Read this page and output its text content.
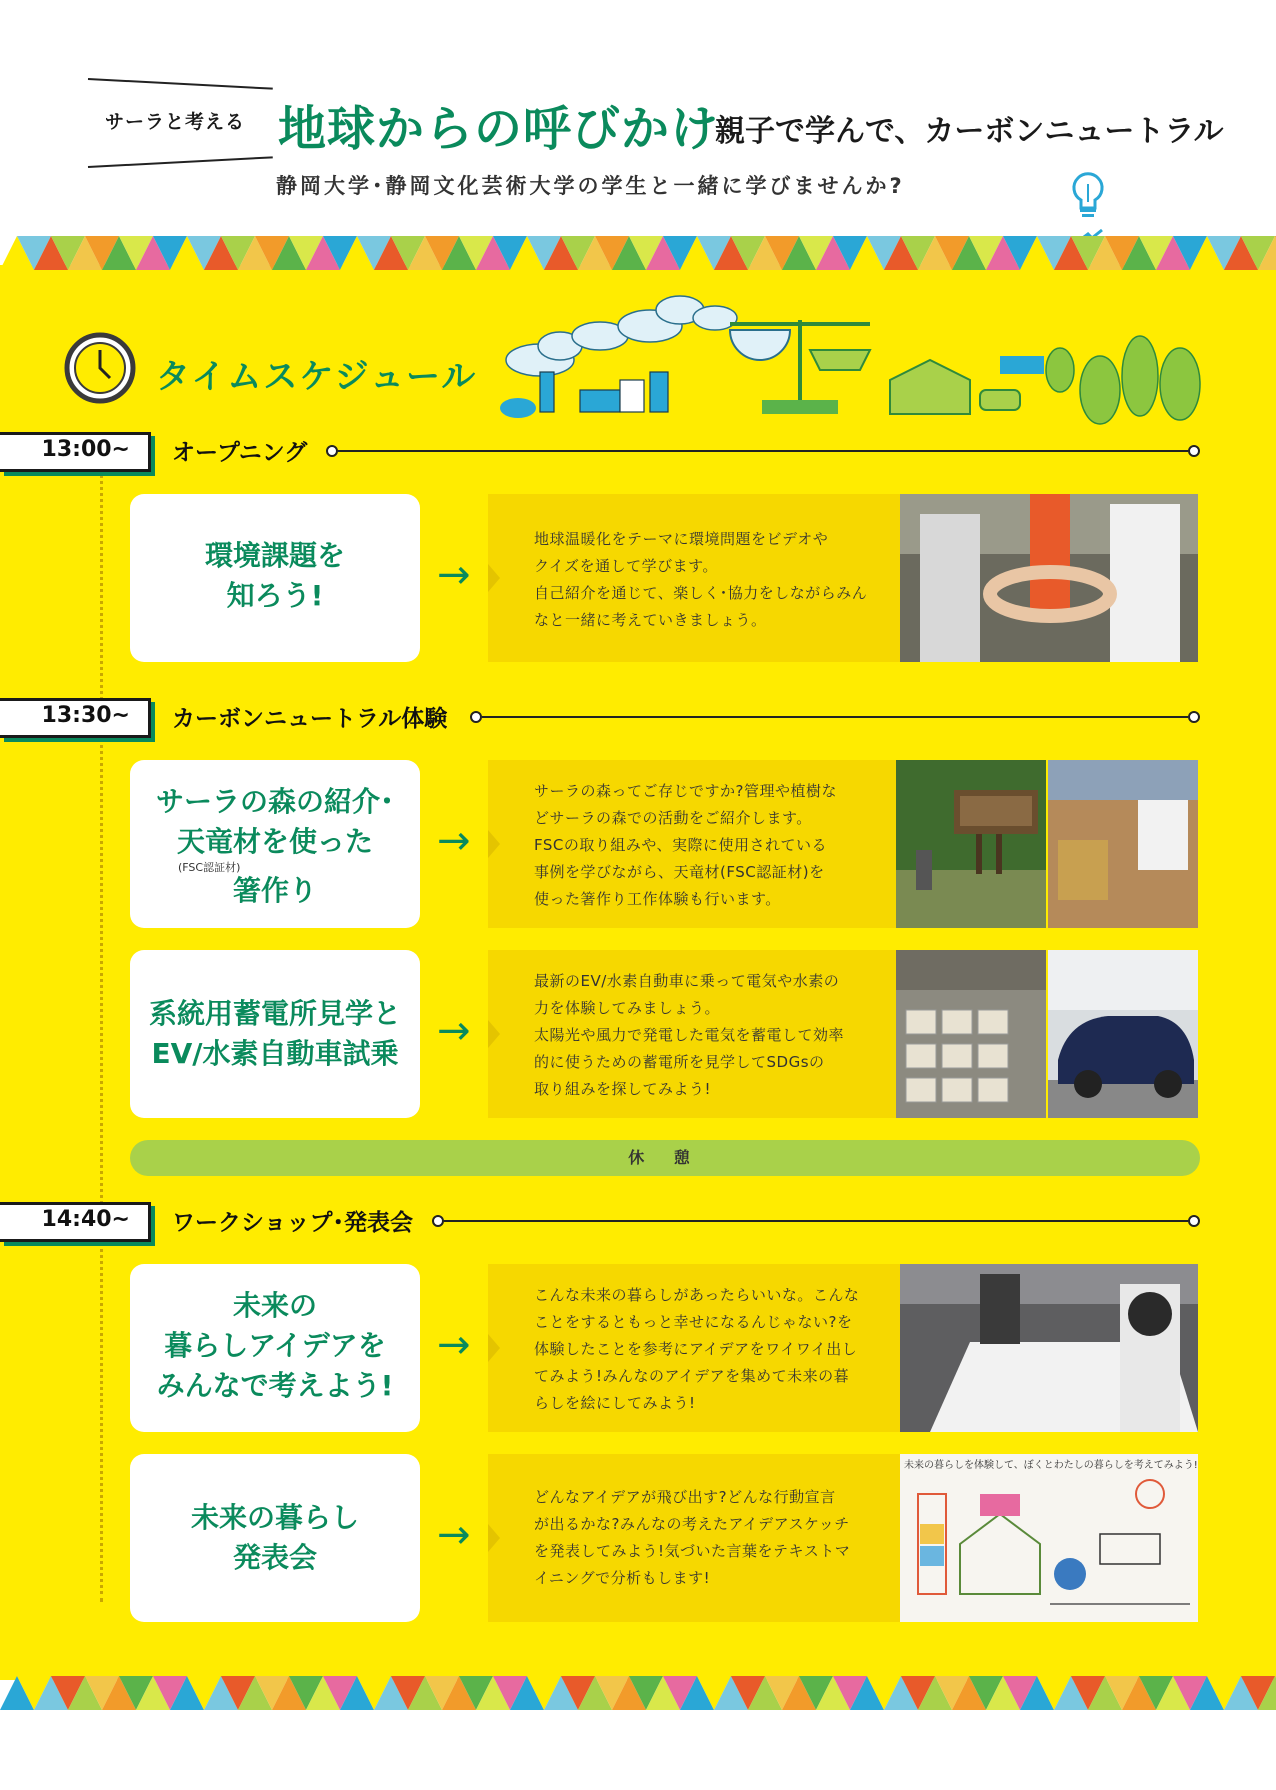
サーラと考える 地球からの呼びかけ
親子で学んで、カーボンニュートラル
静岡大学･静岡文化芸術大学の学生と一緒に学びませんか?
タイムスケジュール
13:00~ オープニング
環境課題を
知ろう!	→
地球温暖化をテーマに環境問題をビデオや
クイズを通して学びます。
自己紹介を通じて、楽しく･協力をしながらみん
なと一緒に考えていきましょう。
13:30~ カーボンニュートラル体験
サーラの森の紹介･
天竜材を使った
(FSC認証材)
箸作り
→
サーラの森ってご存じですか?管理や植樹な
どサーラの森での活動をご紹介します。
FSCの取り組みや、実際に使用されている
事例を学びながら、天竜材(FSC認証材)を
使った箸作り工作体験も行います。
系統用蓄電所見学と
EV/水素自動車試乗 →
最新のEV/水素自動車に乗って電気や水素の
力を体験してみましょう。
太陽光や風力で発電した電気を蓄電して効率
的に使うための蓄電所を見学してSDGsの
取り組みを探してみよう!
休 憩
14:40~ ワークショップ･発表会
未来の
暮らしアイデアを
みんなで考えよう!
→
こんな未来の暮らしがあったらいいな。こんな
ことをするともっと幸せになるんじゃない?を
体験したことを参考にアイデアをワイワイ出し
てみよう!みんなのアイデアを集めて未来の暮
らしを絵にしてみよう!
未来の暮らし
発表会	→
どんなアイデアが飛び出す?どんな行動宣言
が出るかな?みんなの考えたアイデアスケッチ
を発表してみよう!気づいた言葉をテキストマ
イニングで分析もします!
未来の暮らしを体験して、ぼくとわたしの暮らしを考えてみよう!
